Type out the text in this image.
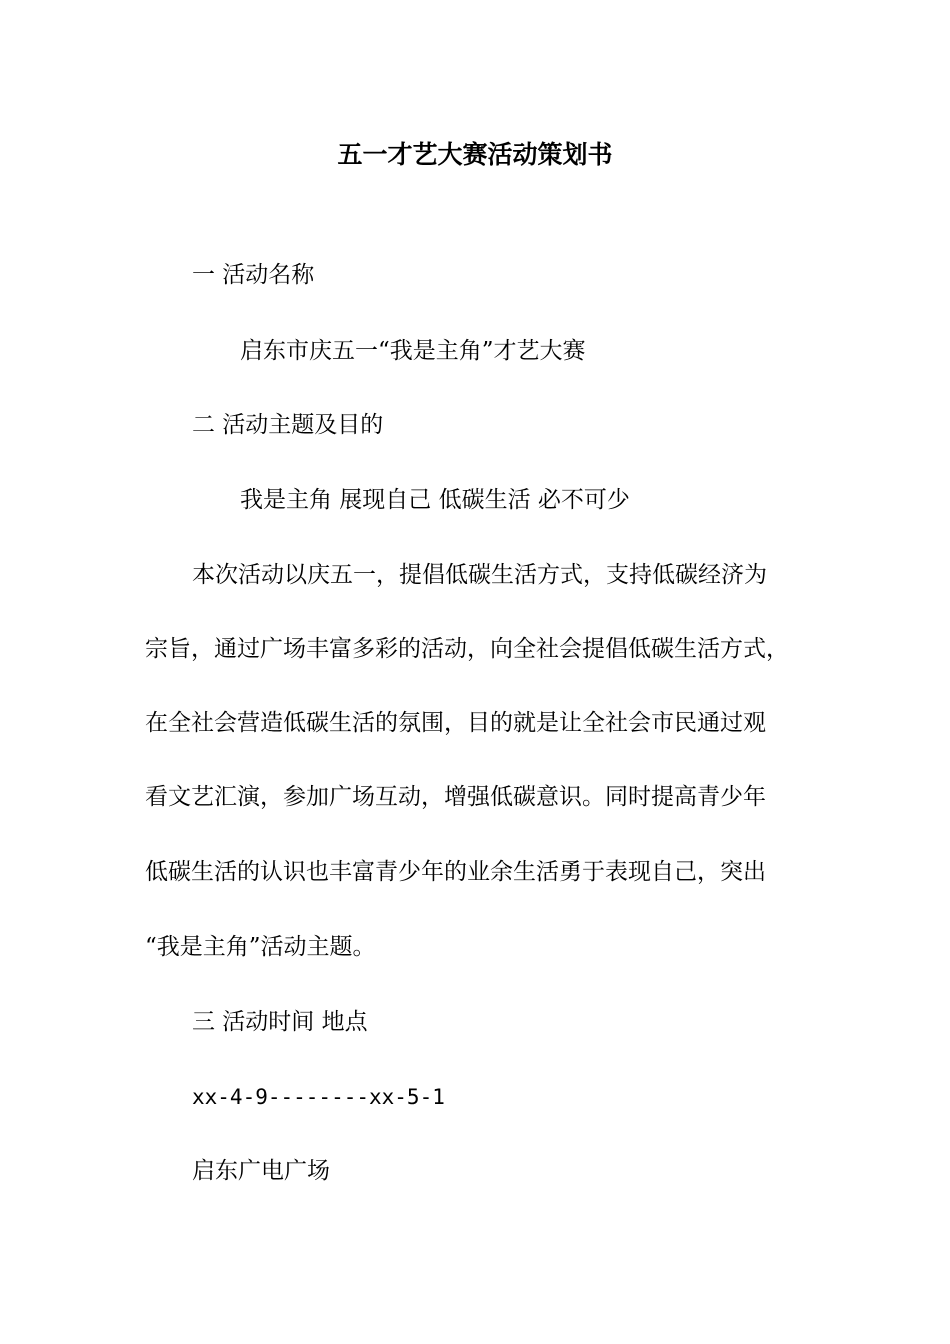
五一才艺大赛活动策划书
一 活动名称
启东市庆五一“我是主角”才艺大赛
二 活动主题及目的
我是主角 展现自己 低碳生活 必不可少
本次活动以庆五一，提倡低碳生活方式，支持低碳经济为
宗旨，通过广场丰富多彩的活动，向全社会提倡低碳生活方式，
在全社会营造低碳生活的氛围，目的就是让全社会市民通过观
看文艺汇演，参加广场互动，增强低碳意识。同时提高青少年
低碳生活的认识也丰富青少年的业余生活勇于表现自己，突出
“我是主角”活动主题。
三 活动时间 地点
xx-4-9--------xx-5-1
启东广电广场
